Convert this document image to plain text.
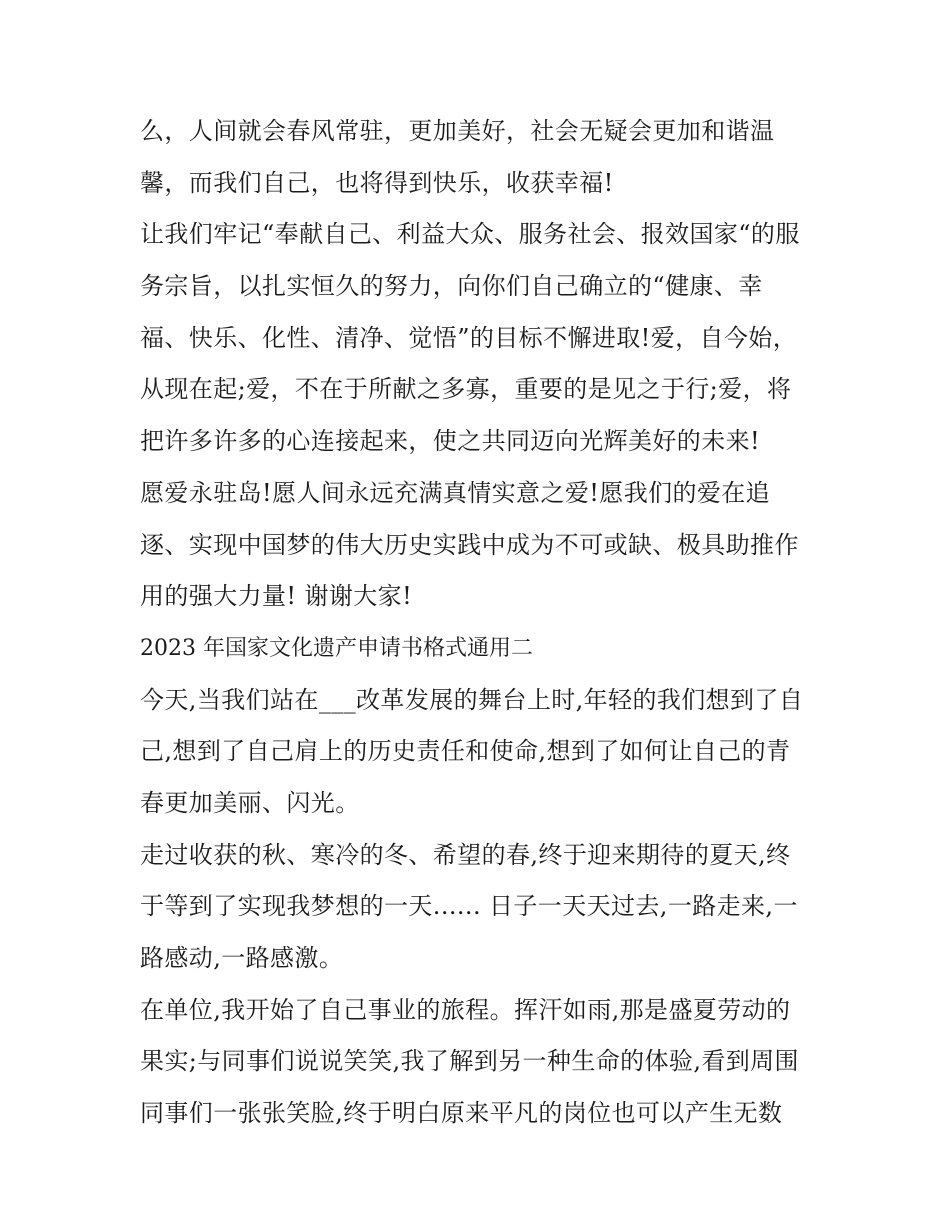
么，人间就会春风常驻，更加美好，社会无疑会更加和谐温
馨，而我们自己，也将得到快乐，收获幸福!
让我们牢记“奉献自己、利益大众、服务社会、报效国家“的服
务宗旨，以扎实恒久的努力，向你们自己确立的“健康、幸
福、快乐、化性、清净、觉悟”的目标不懈进取!爱，自今始，
从现在起;爱，不在于所献之多寡，重要的是见之于行;爱，将
把许多许多的心连接起来，使之共同迈向光辉美好的未来!
愿爱永驻岛!愿人间永远充满真情实意之爱!愿我们的爱在追
逐、实现中国梦的伟大历史实践中成为不可或缺、极具助推作
用的强大力量! 谢谢大家!
2023 年国家文化遗产申请书格式通用二
今天,当我们站在___改革发展的舞台上时,年轻的我们想到了自
己,想到了自己肩上的历史责任和使命,想到了如何让自己的青
春更加美丽、闪光。
走过收获的秋、寒冷的冬、希望的春,终于迎来期待的夏天,终
于等到了实现我梦想的一天...... 日子一天天过去,一路走来,一
路感动,一路感激。
在单位,我开始了自己事业的旅程。挥汗如雨,那是盛夏劳动的
果实;与同事们说说笑笑,我了解到另一种生命的体验,看到周围
同事们一张张笑脸,终于明白原来平凡的岗位也可以产生无数
